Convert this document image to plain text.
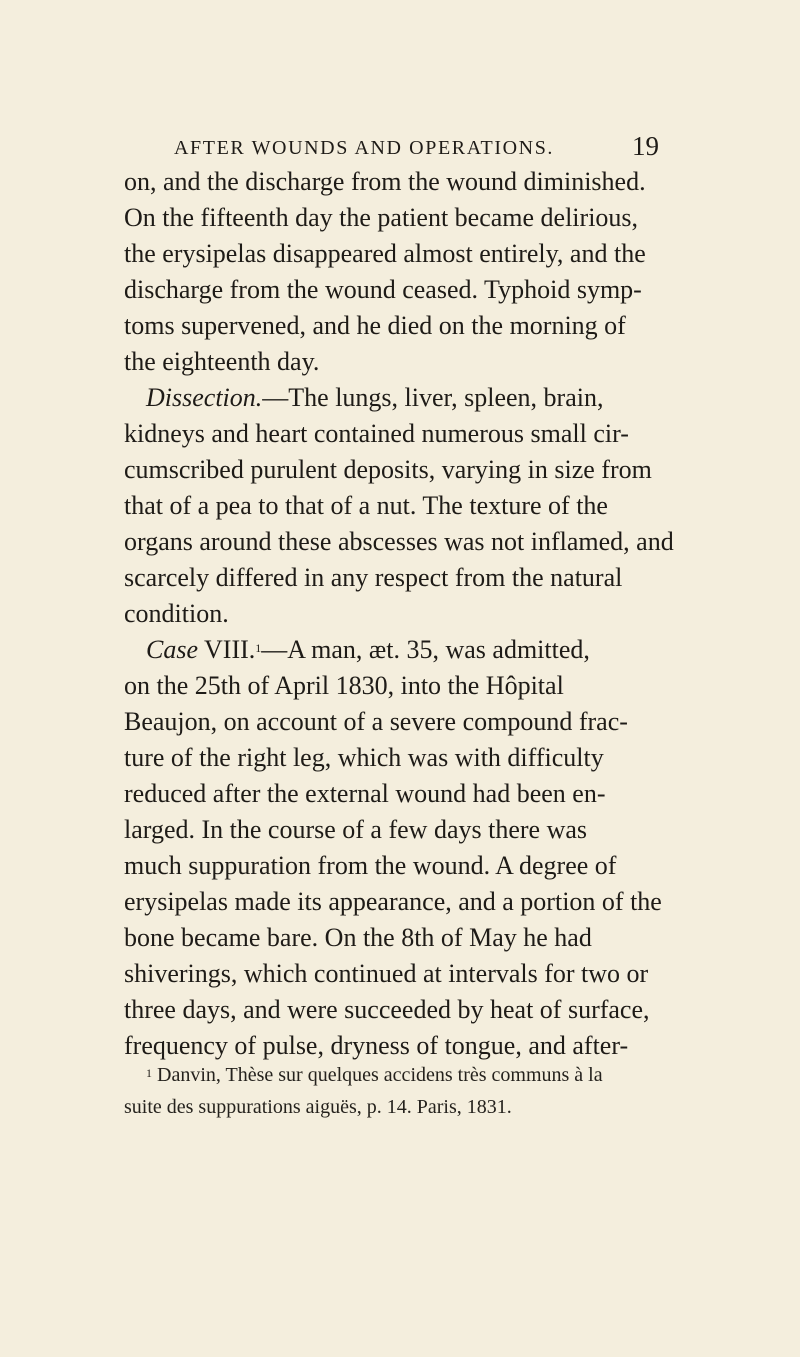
AFTER WOUNDS AND OPERATIONS.	19
on, and the discharge from the wound diminished.
On the fifteenth day the patient became delirious,
the erysipelas disappeared almost entirely, and the
discharge from the wound ceased. Typhoid symp-
toms supervened, and he died on the morning of
the eighteenth day.
Dissection.—The lungs, liver, spleen, brain,
kidneys and heart contained numerous small cir-
cumscribed purulent deposits, varying in size from
that of a pea to that of a nut. The texture of the
organs around these abscesses was not inflamed, and
scarcely differed in any respect from the natural
condition.
Case VIII.$^1$—A man, æt. 35, was admitted,
on the 25th of April 1830, into the Hôpital
Beaujon, on account of a severe compound frac-
ture of the right leg, which was with difficulty
reduced after the external wound had been en-
larged. In the course of a few days there was
much suppuration from the wound. A degree of
erysipelas made its appearance, and a portion of the
bone became bare. On the 8th of May he had
shiverings, which continued at intervals for two or
three days, and were succeeded by heat of surface,
frequency of pulse, dryness of tongue, and after-
$^1$ Danvin, Thèse sur quelques accidens très communs à la
suite des suppurations aiguës, p. 14. Paris, 1831.
